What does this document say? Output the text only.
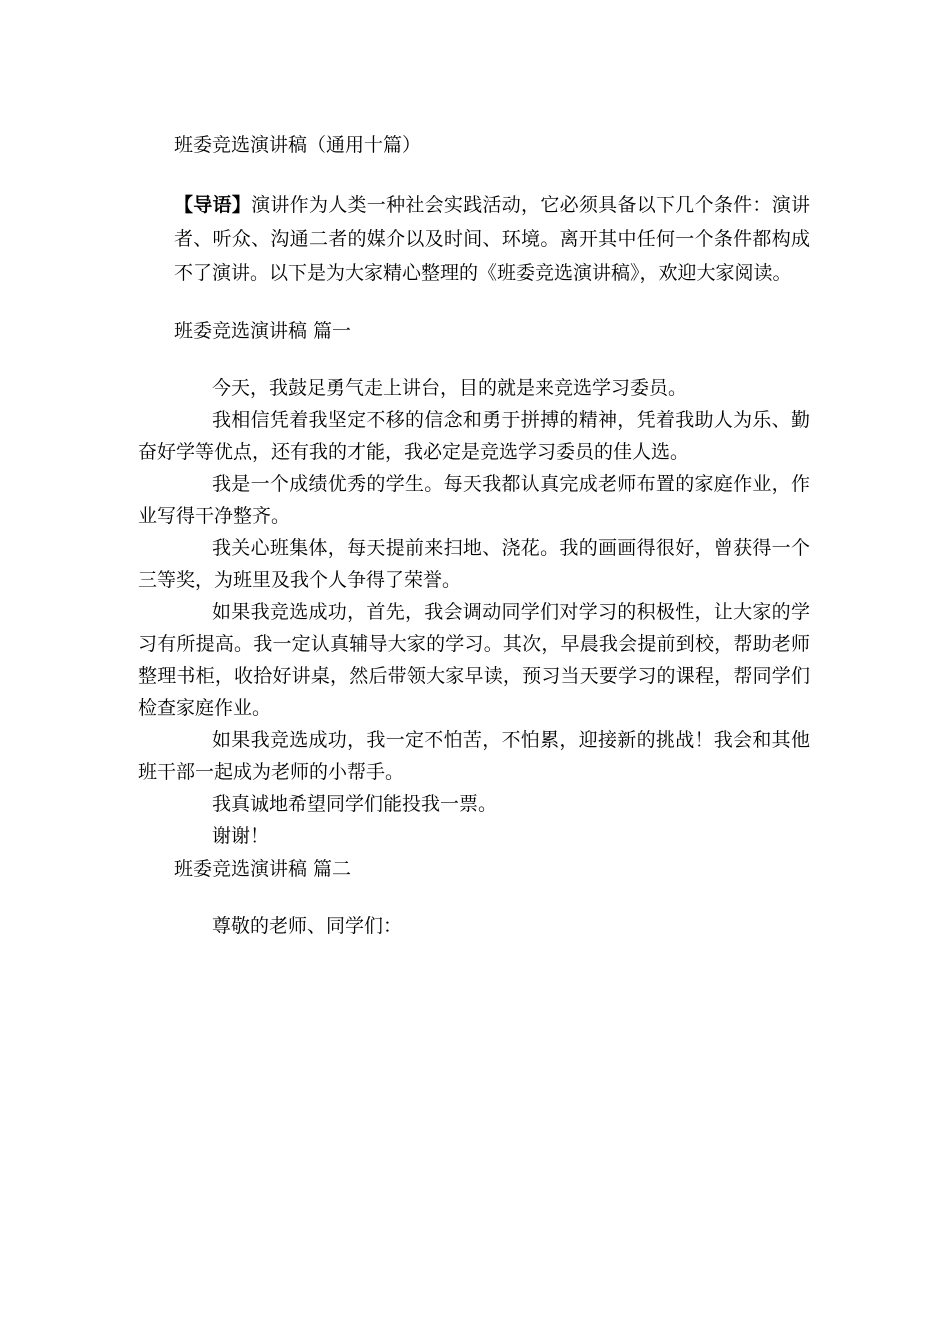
班委竞选演讲稿（通用十篇）

【导语】演讲作为人类一种社会实践活动，它必须具备以下几个条件：演讲者、听众、沟通二者的媒介以及时间、环境。离开其中任何一个条件都构成不了演讲。以下是为大家精心整理的《班委竞选演讲稿》，欢迎大家阅读。

班委竞选演讲稿 篇一

今天，我鼓足勇气走上讲台，目的就是来竞选学习委员。

我相信凭着我坚定不移的信念和勇于拼搏的精神，凭着我助人为乐、勤奋好学等优点，还有我的才能，我必定是竞选学习委员的佳人选。

我是一个成绩优秀的学生。每天我都认真完成老师布置的家庭作业，作业写得干净整齐。

我关心班集体，每天提前来扫地、浇花。我的画画得很好，曾获得一个三等奖，为班里及我个人争得了荣誉。

如果我竞选成功，首先，我会调动同学们对学习的积极性，让大家的学习有所提高。我一定认真辅导大家的学习。其次，早晨我会提前到校，帮助老师整理书柜，收拾好讲桌，然后带领大家早读，预习当天要学习的课程，帮同学们检查家庭作业。

如果我竞选成功，我一定不怕苦，不怕累，迎接新的挑战！我会和其他班干部一起成为老师的小帮手。

我真诚地希望同学们能投我一票。

谢谢！

班委竞选演讲稿 篇二

尊敬的老师、同学们：
